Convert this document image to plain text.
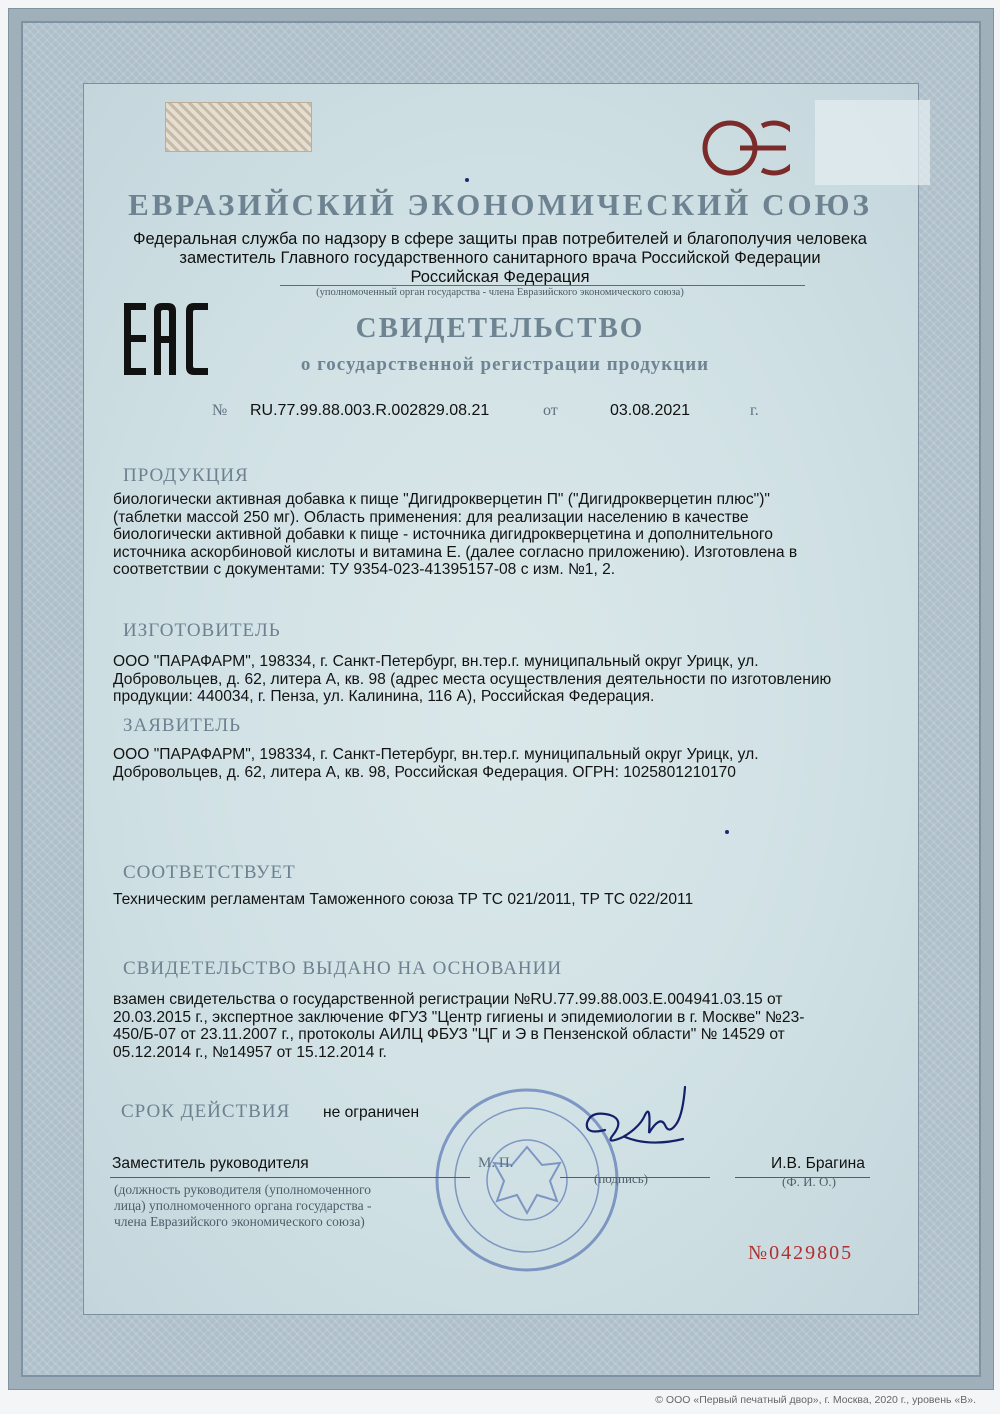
ЕВРАЗИЙСКИЙ ЭКОНОМИЧЕСКИЙ СОЮЗ
Федеральная служба по надзору в сфере защиты прав потребителей и благополучия человека
заместитель Главного государственного санитарного врача Российской Федерации
Российская Федерация
(уполномоченный орган государства - члена Евразийского экономического союза)
СВИДЕТЕЛЬСТВО
о государственной регистрации продукции
№ RU.77.99.88.003.R.002829.08.21	от	03.08.2021	г.
ПРОДУКЦИЯ
биологически активная добавка к пище "Дигидрокверцетин П" ("Дигидрокверцетин плюс")"
(таблетки массой 250 мг). Область применения: для реализации населению в качестве
биологически активной добавки к пище - источника дигидрокверцетина и дополнительного
источника аскорбиновой кислоты и витамина Е. (далее согласно приложению). Изготовлена в
соответствии с документами: ТУ 9354-023-41395157-08 с изм. №1, 2.
ИЗГОТОВИТЕЛЬ
ООО "ПАРАФАРМ", 198334, г. Санкт-Петербург, вн.тер.г. муниципальный округ Урицк, ул.
Добровольцев, д. 62, литера А, кв. 98 (адрес места осуществления деятельности по изготовлению
продукции: 440034, г. Пенза, ул. Калинина, 116 А), Российская Федерация.
ЗАЯВИТЕЛЬ
ООО "ПАРАФАРМ", 198334, г. Санкт-Петербург, вн.тер.г. муниципальный округ Урицк, ул.
Добровольцев, д. 62, литера А, кв. 98, Российская Федерация. ОГРН: 1025801210170
СООТВЕТСТВУЕТ
Техническим регламентам Таможенного союза ТР ТС 021/2011, ТР ТС 022/2011
СВИДЕТЕЛЬСТВО ВЫДАНО НА ОСНОВАНИИ
взамен свидетельства о государственной регистрации №RU.77.99.88.003.Е.004941.03.15 от
20.03.2015 г., экспертное заключение ФГУЗ "Центр гигиены и эпидемиологии в г. Москве" №23-
450/Б-07 от 23.11.2007 г., протоколы АИЛЦ ФБУЗ "ЦГ и Э в Пензенской области" № 14529 от
05.12.2014 г., №14957 от 15.12.2014 г.
СРОК ДЕЙСТВИЯ не ограничен
Заместитель руководителя	М. П.	И.В. Брагина
(подпись)	(Ф. И. О.)
(должность руководителя (уполномоченного
лица) уполномоченного органа государства -
члена Евразийского экономического союза)
№0429805
© ООО «Первый печатный двор», г. Москва, 2020 г., уровень «В».
